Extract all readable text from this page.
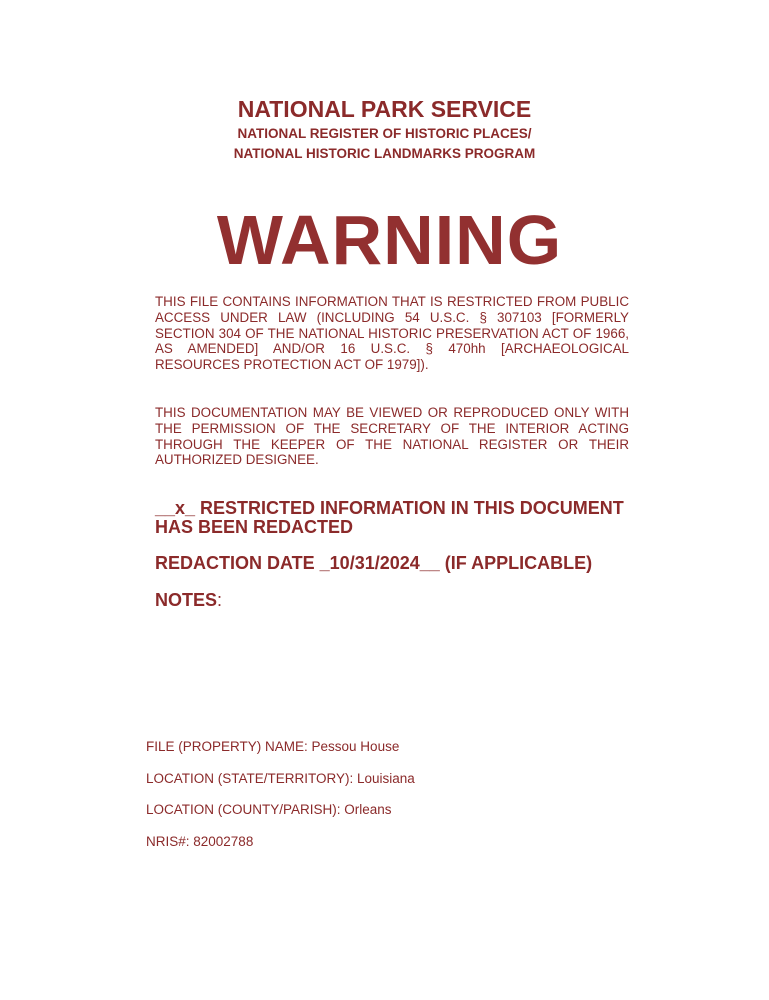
NATIONAL PARK SERVICE
NATIONAL REGISTER OF HISTORIC PLACES/
NATIONAL HISTORIC LANDMARKS PROGRAM
WARNING
THIS FILE CONTAINS INFORMATION THAT IS RESTRICTED FROM PUBLIC ACCESS UNDER LAW (INCLUDING 54 U.S.C. § 307103 [FORMERLY SECTION 304 OF THE NATIONAL HISTORIC PRESERVATION ACT OF 1966, AS AMENDED] AND/OR 16 U.S.C. § 470hh [ARCHAEOLOGICAL RESOURCES PROTECTION ACT OF 1979]).
THIS DOCUMENTATION MAY BE VIEWED OR REPRODUCED ONLY WITH THE PERMISSION OF THE SECRETARY OF THE INTERIOR ACTING THROUGH THE KEEPER OF THE NATIONAL REGISTER OR THEIR AUTHORIZED DESIGNEE.
__x_ RESTRICTED INFORMATION IN THIS DOCUMENT
HAS BEEN REDACTED
REDACTION DATE _10/31/2024__ (IF APPLICABLE)
NOTES:
FILE (PROPERTY) NAME: Pessou House
LOCATION (STATE/TERRITORY): Louisiana
LOCATION (COUNTY/PARISH): Orleans
NRIS#: 82002788
